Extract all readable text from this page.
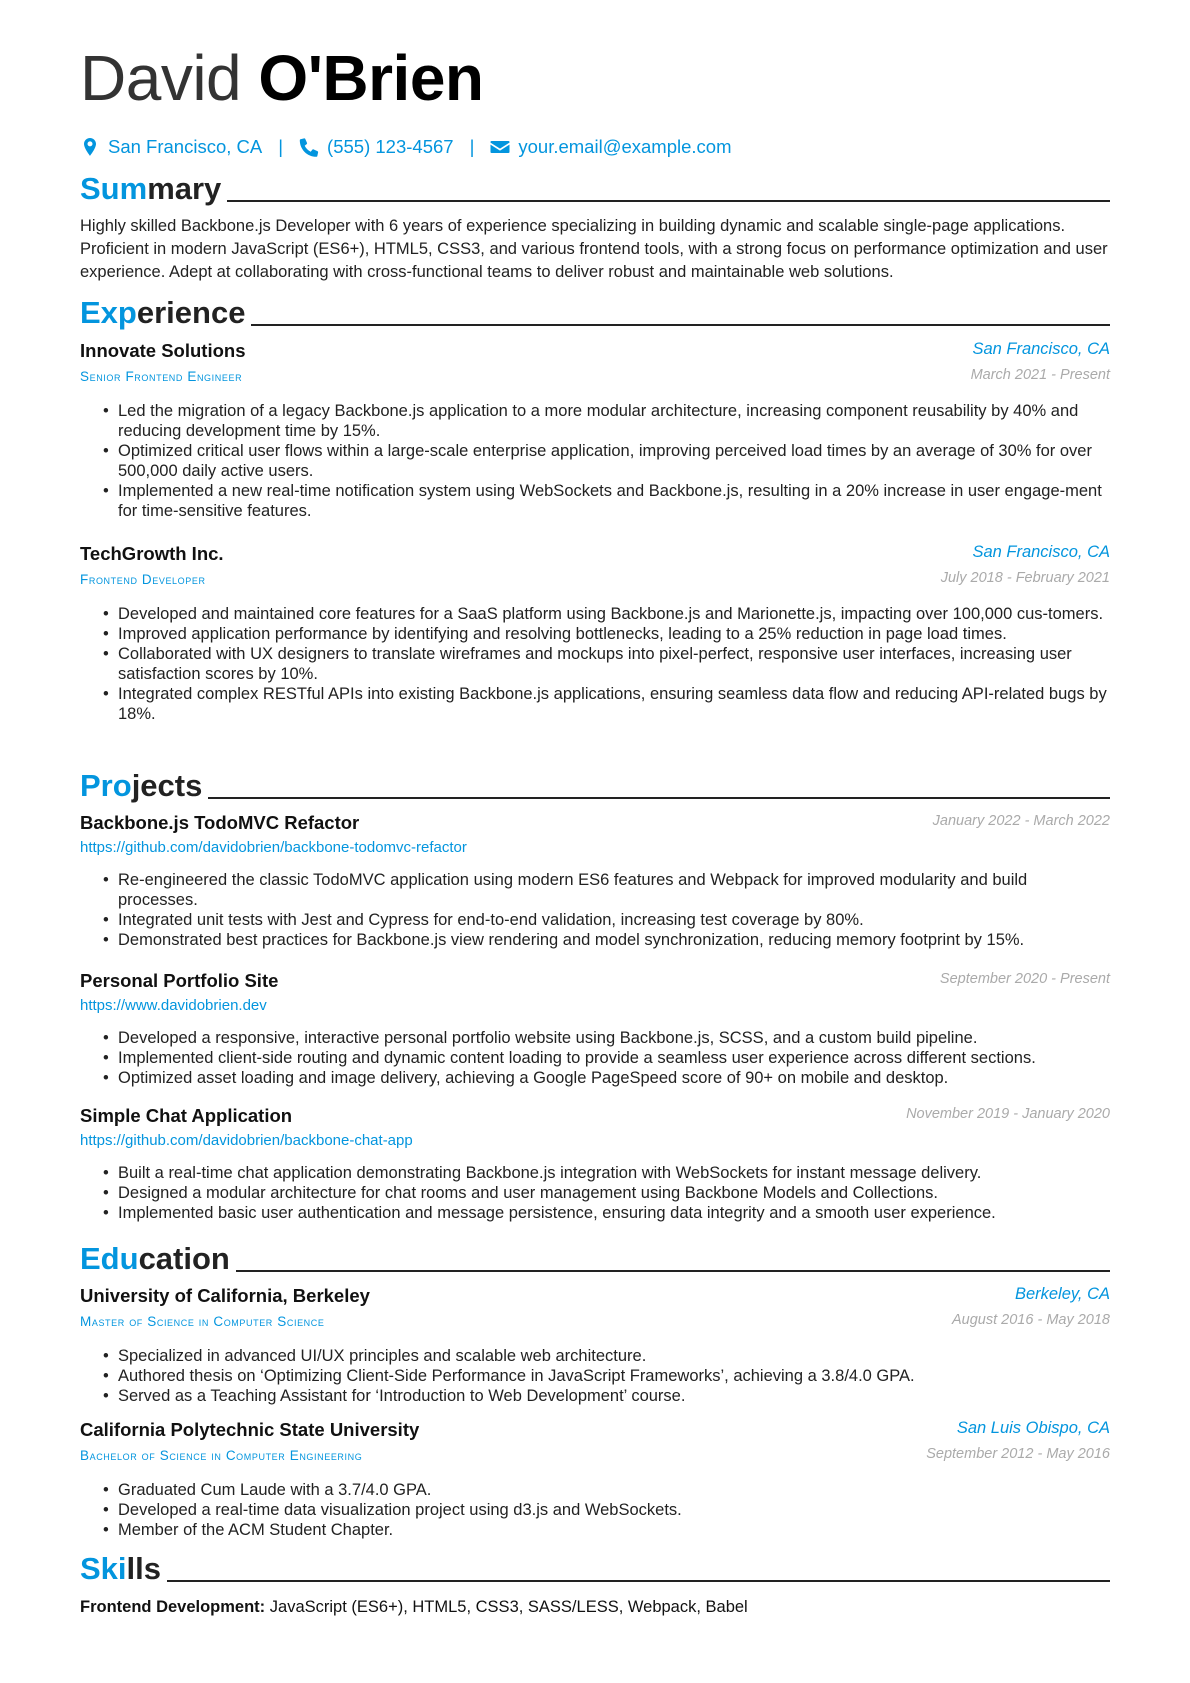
David O'Brien
San Francisco, CA | (555) 123-4567 | your.email@example.com
Summary
Highly skilled Backbone.js Developer with 6 years of experience specializing in building dynamic and scalable single-page applications. Proficient in modern JavaScript (ES6+), HTML5, CSS3, and various frontend tools, with a strong focus on performance optimization and user experience. Adept at collaborating with cross-functional teams to deliver robust and maintainable web solutions.
Experience
Innovate Solutions	San Francisco, CA
Senior Frontend Engineer	March 2021 - Present
• Led the migration of a legacy Backbone.js application to a more modular architecture, increasing component reusability by 40% and reducing development time by 15%.
• Optimized critical user flows within a large-scale enterprise application, improving perceived load times by an average of 30% for over 500,000 daily active users.
• Implemented a new real-time notification system using WebSockets and Backbone.js, resulting in a 20% increase in user engage-ment for time-sensitive features.
TechGrowth Inc.	San Francisco, CA
Frontend Developer	July 2018 - February 2021
• Developed and maintained core features for a SaaS platform using Backbone.js and Marionette.js, impacting over 100,000 cus-tomers.
• Improved application performance by identifying and resolving bottlenecks, leading to a 25% reduction in page load times.
• Collaborated with UX designers to translate wireframes and mockups into pixel-perfect, responsive user interfaces, increasing user satisfaction scores by 10%.
• Integrated complex RESTful APIs into existing Backbone.js applications, ensuring seamless data flow and reducing API-related bugs by 18%.
Projects
Backbone.js TodoMVC Refactor	January 2022 - March 2022
https://github.com/davidobrien/backbone-todomvc-refactor
• Re-engineered the classic TodoMVC application using modern ES6 features and Webpack for improved modularity and build processes.
• Integrated unit tests with Jest and Cypress for end-to-end validation, increasing test coverage by 80%.
• Demonstrated best practices for Backbone.js view rendering and model synchronization, reducing memory footprint by 15%.
Personal Portfolio Site	September 2020 - Present
https://www.davidobrien.dev
• Developed a responsive, interactive personal portfolio website using Backbone.js, SCSS, and a custom build pipeline.
• Implemented client-side routing and dynamic content loading to provide a seamless user experience across different sections.
• Optimized asset loading and image delivery, achieving a Google PageSpeed score of 90+ on mobile and desktop.
Simple Chat Application	November 2019 - January 2020
https://github.com/davidobrien/backbone-chat-app
• Built a real-time chat application demonstrating Backbone.js integration with WebSockets for instant message delivery.
• Designed a modular architecture for chat rooms and user management using Backbone Models and Collections.
• Implemented basic user authentication and message persistence, ensuring data integrity and a smooth user experience.
Education
University of California, Berkeley	Berkeley, CA
Master of Science in Computer Science	August 2016 - May 2018
• Specialized in advanced UI/UX principles and scalable web architecture.
• Authored thesis on ‘Optimizing Client-Side Performance in JavaScript Frameworks’, achieving a 3.8/4.0 GPA.
• Served as a Teaching Assistant for ‘Introduction to Web Development’ course.
California Polytechnic State University	San Luis Obispo, CA
Bachelor of Science in Computer Engineering	September 2012 - May 2016
• Graduated Cum Laude with a 3.7/4.0 GPA.
• Developed a real-time data visualization project using d3.js and WebSockets.
• Member of the ACM Student Chapter.
Skills
Frontend Development: JavaScript (ES6+), HTML5, CSS3, SASS/LESS, Webpack, Babel
